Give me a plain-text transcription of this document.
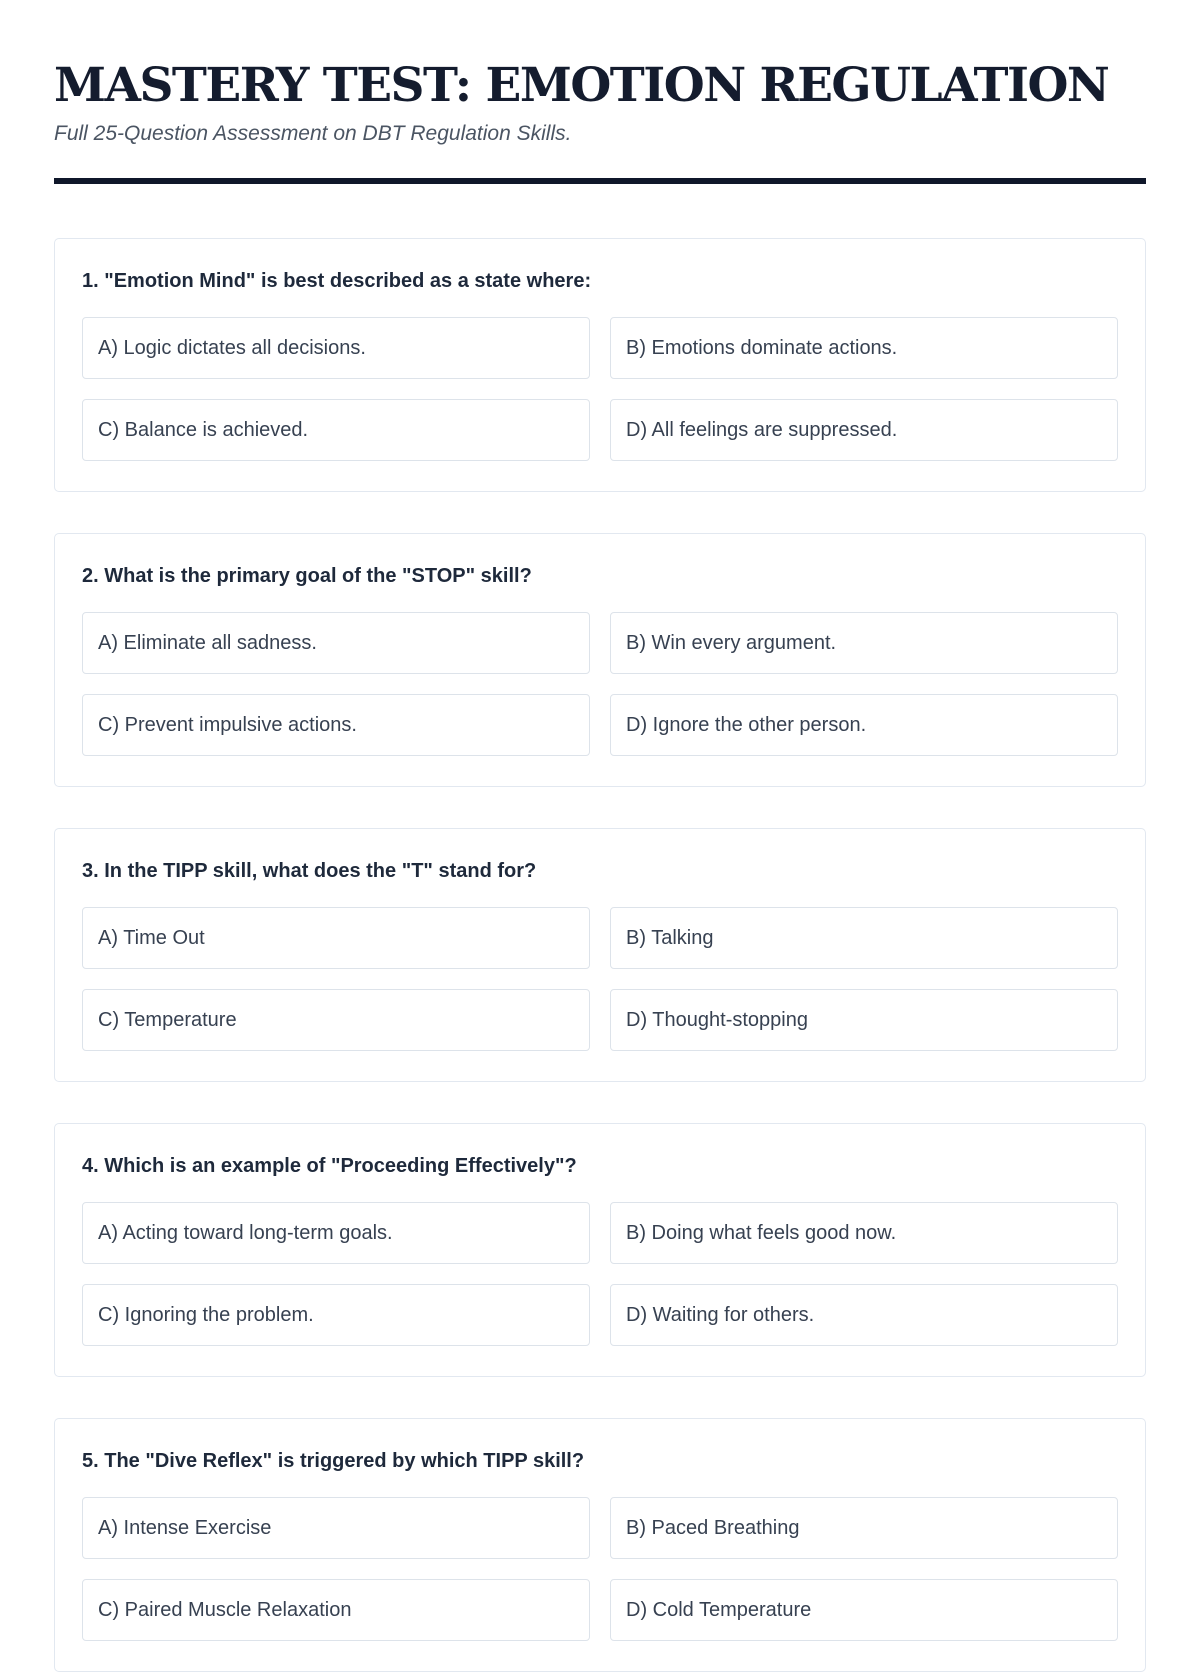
MASTERY TEST: EMOTION REGULATION

Full 25-Question Assessment on DBT Regulation Skills.

1. "Emotion Mind" is best described as a state where:

A) Logic dictates all decisions.	B) Emotions dominate actions.
C) Balance is achieved.	D) All feelings are suppressed.

2. What is the primary goal of the "STOP" skill?

A) Eliminate all sadness.	B) Win every argument.
C) Prevent impulsive actions.	D) Ignore the other person.

3. In the TIPP skill, what does the "T" stand for?

A) Time Out	B) Talking
C) Temperature	D) Thought-stopping

4. Which is an example of "Proceeding Effectively"?

A) Acting toward long-term goals.	B) Doing what feels good now.
C) Ignoring the problem.	D) Waiting for others.

5. The "Dive Reflex" is triggered by which TIPP skill?

A) Intense Exercise	B) Paced Breathing
C) Paired Muscle Relaxation	D) Cold Temperature
